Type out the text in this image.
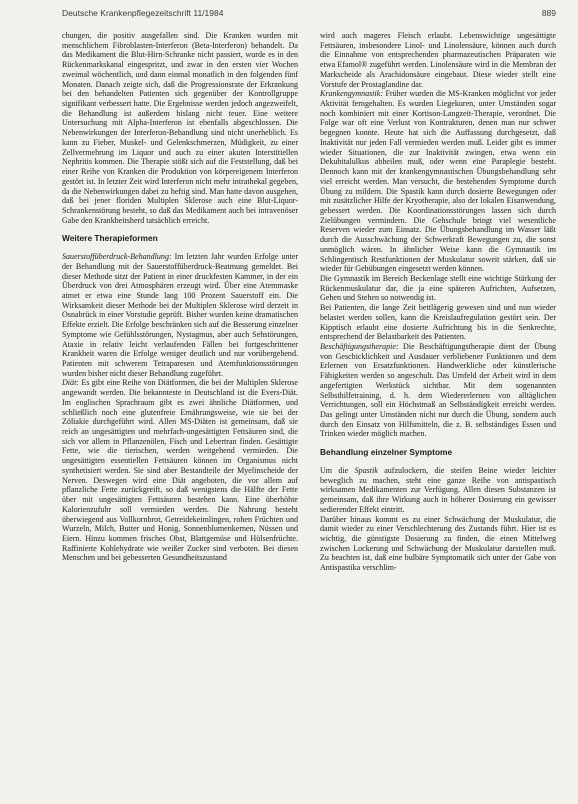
Deutsche Krankenpflegezeitschrift 11/1984	889

chungen, die positiv ausgefallen sind. Die Kranken wurden mit menschlichem Fibroblasten-Interferon (Beta-Interferon) behandelt. Da das Medikament die Blut-Hirn-Schranke nicht passiert, wurde es in den Rückenmarkskanal eingespritzt, und zwar in den ersten vier Wochen zweimal wöchentlich, und dann einmal monatlich in den folgenden fünf Monaten. Danach zeigte sich, daß die Progressionsrate der Erkrankung bei den behandelten Patienten sich gegenüber der Kontrollgruppe signifikant verbessert hatte. Die Ergebnisse werden jedoch angezweifelt, die Behandlung ist außerdem bislang nicht teuer. Eine weitere Untersuchung mit Alpha-Interferon ist ebenfalls abgeschlossen. Die Nebenwirkungen der Interferon-Behandlung sind nicht unerheblich. Es kann zu Fieber, Muskel- und Gelenkschmerzen, Müdigkeit, zu einer Zellvermehrung im Liquor und auch zu einer akuten Interstitiellen Nephritis kommen. Die Therapie stößt sich auf die Feststellung, daß bei einer Reihe von Kranken die Produktion von körpereigenem Interferon gestört ist. In letzter Zeit wird Interferon nicht mehr intrathekal gegeben, da die Nebenwirkungen dabei zu heftig sind. Man hatte davon ausgehen, daß bei jener floriden Multiplen Sklerose auch eine Blut-Liquor-Schrankenstörung besteht, so daß das Medikament auch bei intravenöser Gabe den Krankheitsherd tatsächlich erreicht.

Weitere Therapieformen

Sauerstoffüberdruck-Behandlung: Im letzten Jahr wurden Erfolge unter der Behandlung mit der Sauerstoffüberdruck-Beatmung gemeldet. Bei dieser Methode sitzt der Patient in einer druckfesten Kammer, in der ein Überdruck von drei Atmosphären erzeugt wird. Über eine Atemmaske atmet er etwa eine Stunde lang 100 Prozent Sauerstoff ein. Die Wirksamkeit dieser Methode bei der Multiplen Sklerose wird derzeit in Osnabrück in einer Vorstudie geprüft. Bisher wurden keine dramatischen Effekte erzielt. Die Erfolge beschränken sich auf die Besserung einzelner Symptome wie Gefühlsstörungen, Nystagmus, aber auch Sehstörungen, Ataxie in relativ leicht verlaufenden Fällen bei fortgeschrittener Krankheit waren die Erfolge weniger deutlich und nur vorübergehend. Patienten mit schwerem Tetraparesen und Atemfunktionsstörungen wurden bisher nicht dieser Behandlung zugeführt.

Diät: Es gibt eine Reihe von Diätformen, die bei der Multiplen Sklerose angewandt werden. Die bekannteste in Deutschland ist die Evers-Diät. Im englischen Sprachraum gibt es zwei ähnliche Diätformen, und schließlich noch eine glutenfreie Ernährungsweise, wie sie bei der Zöliakie durchgeführt wird. Allen MS-Diäten ist gemeinsam, daß sie reich an ungesättigten und mehrfach-ungesättigten Fettsäuren sind, die sich vor allem in Pflanzenölen, Fisch und Lebertran finden. Gesättigte Fette, wie die tierischen, werden weitgehend vermieden. Die ungesättigten essentiellen Fettsäuren können im Organismus nicht synthetisiert werden. Sie sind aber Bestandteile der Myelinscheide der Nerven. Deswegen wird eine Diät angeboten, die vor allem auf pflanzliche Fette zurückgreift, so daß wenigstens die Hälfte der Fette über mit ungesättigten Fettsäuren bestehen kann. Eine überhöhte Kalorienzufuhr soll vermieden werden. Die Nahrung besteht überwiegend aus Vollkornbrot, Getreidekeimlingen, rohen Früchten und Wurzeln, Milch, Butter und Honig, Sonnenblumenkernen, Nüssen und Eiern. Hinzu kommen frisches Obst, Blattgemüse und Hülsenfrüchte. Raffinierte Kohlehydrate wie weißer Zucker sind verboten. Bei diesen Menschen und bei gebesserten Gesundheitszustand

wird auch mageres Fleisch erlaubt. Lebenswichtige ungesättigte Fettsäuren, insbesondere Linol- und Linolensäure, können auch durch die Einnahme von entsprechenden pharmazeutischen Präparaten wie etwa Efamol® zugeführt werden. Linolensäure wird in die Membran der Markscheide als Arachidonsäure eingebaut. Diese wieder stellt eine Vorstufe der Prostaglandine dar.

Krankengymnastik: Früher wurden die MS-Kranken möglichst vor jeder Aktivität ferngehalten. Es wurden Liegekuren, unter Umständen sogar noch kombiniert mit einer Kortison-Langzeit-Therapie, verordnet. Die Folge war oft eine Verlust von Kontrakturen, denen man nur schwer begegnen konnte. Heute hat sich die Auffassung durchgesetzt, daß Inaktivität nur jeden Fall vermieden werden muß. Leider gibt es immer wieder Situationen, die zur Inaktivität zwingen, etwa wenn ein Dekubitalulkus abheilen muß, oder wenn eine Paraplegie besteht. Dennoch kann mit der krankengymnastischen Übungsbehandlung sehr viel erreicht werden. Man versucht, die bestehenden Symptome durch Übung zu mildern. Die Spastik kann durch dosierte Bewegungen oder mit zusätzlicher Hilfe der Kryotherapie, also der lokalen Eisanwendung, gebessert werden. Die Koordinationsstörungen lassen sich durch Zielübungen vermindern. Die Gehschule bringt viel wesentliche Reserven wieder zum Einsatz. Die Übungsbehandlung im Wasser läßt durch die Ausschwächung der Schwerkraft Bewegungen zu, die sonst unmöglich wären. In ähnlicher Weise kann die Gymnastik im Schlingentisch Restfunktionen der Muskulatur soweit stärken, daß sie wieder für Gehübungen eingesetzt werden können.

Die Gymnastik im Bereich Beckenlage stellt eine wichtige Stärkung der Rückenmuskulatur dar, die ja eine späteren Aufrichten, Aufsetzen, Gehen und Stehen so notwendig ist.

Bei Patienten, die lange Zeit bettlägerig gewesen sind und nun wieder belastet werden sollen, kann die Kreislaufregulation gestört sein. Der Kipptisch erlaubt eine dosierte Aufrichtung bis in die Senkrechte, entsprechend der Belastbarkeit des Patienten.

Beschäftigungstherapie: Die Beschäftigungstherapie dient der Übung von Geschicklichkeit und Ausdauer verbliebener Funktionen und dem Erlernen von Ersatzfunktionen. Handwerkliche oder künstlerische Fähigkeiten werden so angeschult. Das Umfeld der Arbeit wird in dem angefertigten Werkstück sichtbar. Mit dem sogenannten Selbsthilfetraining, d. h. dem Wiedererlernen von alltäglichen Verrichtungen, soll ein Höchstmaß an Selbständigkeit erreicht werden. Das gelingt unter Umständen nicht nur durch die Übung, sondern auch durch den Einsatz von Hilfsmitteln, die z. B. selbständiges Essen und Trinken wieder möglich machen.

Behandlung einzelner Symptome

Um die Spastik aufzulockern, die steifen Beine wieder leichter beweglich zu machen, steht eine ganze Reihe von antispastisch wirksamen Medikamenten zur Verfügung. Allen diesen Substanzen ist gemeinsam, daß ihre Wirkung auch in höherer Dosierung ein gewisser sedierender Effekt eintritt.

Darüber hinaus kommt es zu einer Schwächung der Muskulatur, die damit wieder zu einer Verschlechterung des Zustands führt. Hier ist es wichtig, die günstigste Dosierung zu finden, die einen Mittelweg zwischen Lockerung und Schwächung der Muskulatur darstellen muß. Zu beachten ist, daß eine bulbäre Symptomatik sich unter der Gabe von Antispastika verschlim-
